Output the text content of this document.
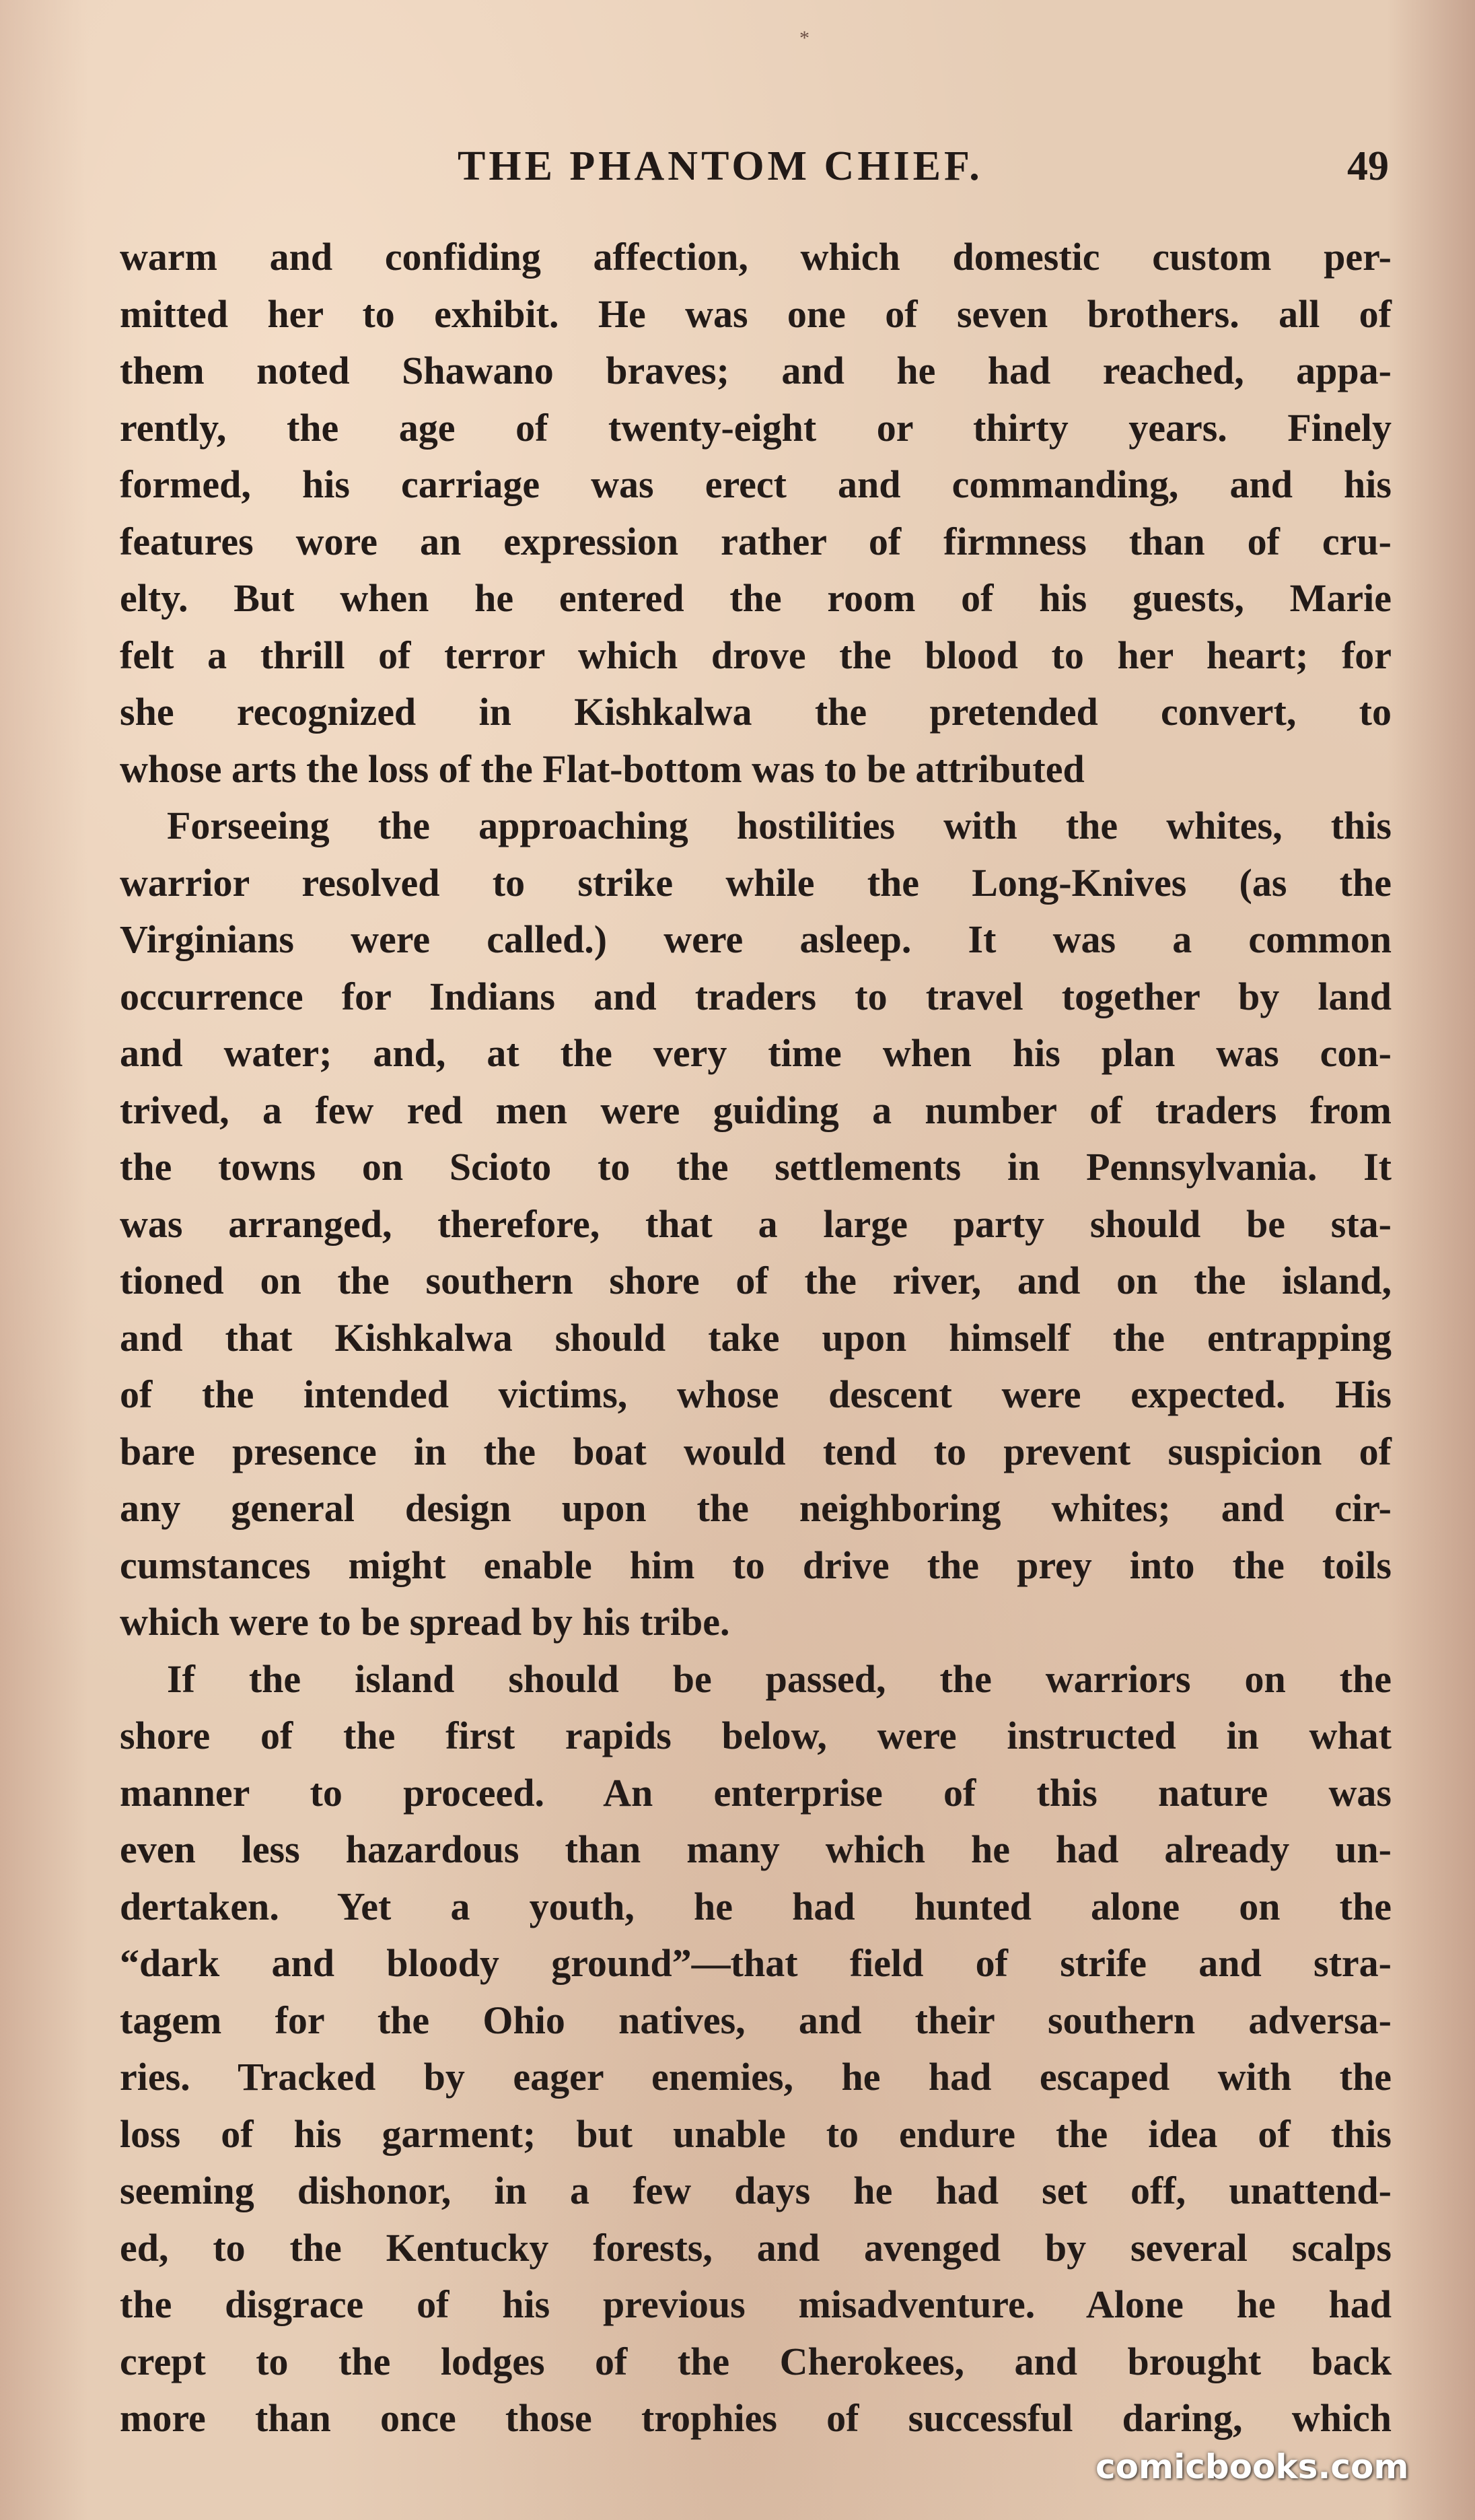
*
THE PHANTOM CHIEF.	49
warm and confiding affection, which domestic custom per-
mitted her to exhibit. He was one of seven brothers. all of
them noted Shawano braves; and he had reached, appa-
rently, the age of twenty-eight or thirty years. Finely
formed, his carriage was erect and commanding, and his
features wore an expression rather of firmness than of cru-
elty. But when he entered the room of his guests, Marie
felt a thrill of terror which drove the blood to her heart; for
she recognized in Kishkalwa the pretended convert, to
whose arts the loss of the Flat-bottom was to be attributed
Forseeing the approaching hostilities with the whites, this
warrior resolved to strike while the Long-Knives (as the
Virginians were called.) were asleep. It was a common
occurrence for Indians and traders to travel together by land
and water; and, at the very time when his plan was con-
trived, a few red men were guiding a number of traders from
the towns on Scioto to the settlements in Pennsylvania. It
was arranged, therefore, that a large party should be sta-
tioned on the southern shore of the river, and on the island,
and that Kishkalwa should take upon himself the entrapping
of the intended victims, whose descent were expected. His
bare presence in the boat would tend to prevent suspicion of
any general design upon the neighboring whites; and cir-
cumstances might enable him to drive the prey into the toils
which were to be spread by his tribe.
If the island should be passed, the warriors on the
shore of the first rapids below, were instructed in what
manner to proceed. An enterprise of this nature was
even less hazardous than many which he had already un-
dertaken. Yet a youth, he had hunted alone on the
“dark and bloody ground”—that field of strife and stra-
tagem for the Ohio natives, and their southern adversa-
ries. Tracked by eager enemies, he had escaped with the
loss of his garment; but unable to endure the idea of this
seeming dishonor, in a few days he had set off, unattend-
ed, to the Kentucky forests, and avenged by several scalps
the disgrace of his previous misadventure. Alone he had
crept to the lodges of the Cherokees, and brought back
more than once those trophies of successful daring, which
comicbooks.com
